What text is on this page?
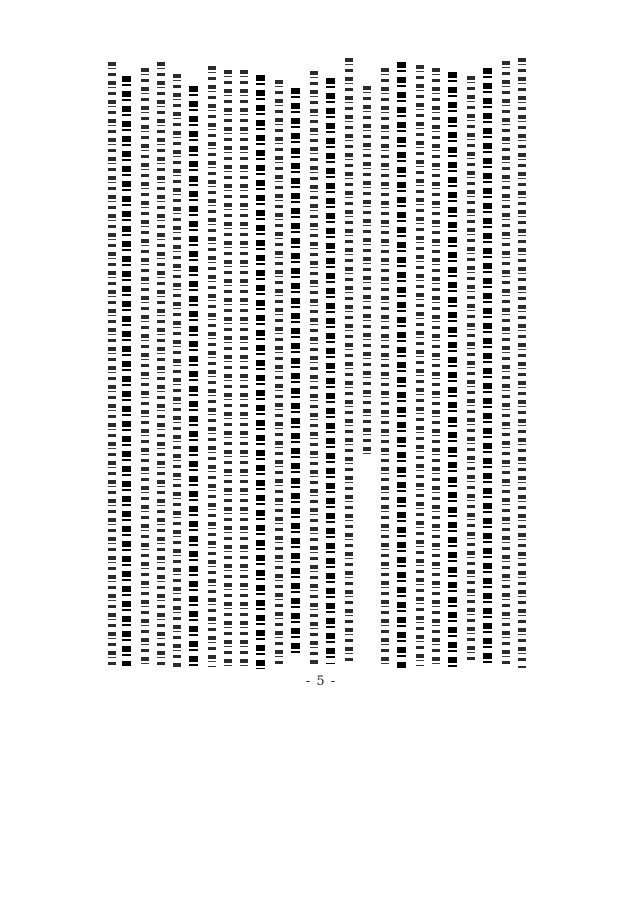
- 5 -
